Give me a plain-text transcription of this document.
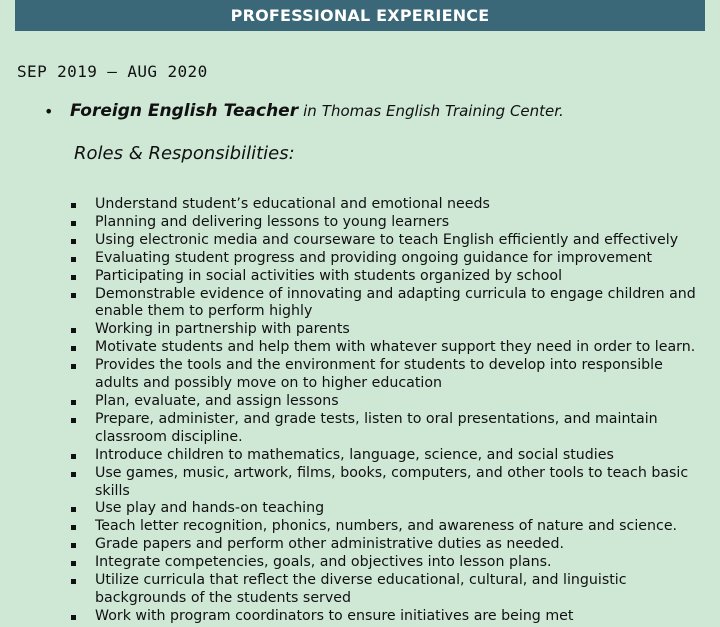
PROFESSIONAL EXPERIENCE
SEP 2019 – AUG 2020
• Foreign English Teacher in Thomas English Training Center.
Roles & Responsibilities:
Understand student’s educational and emotional needs
Planning and delivering lessons to young learners
Using electronic media and courseware to teach English efficiently and effectively
Evaluating student progress and providing ongoing guidance for improvement
Participating in social activities with students organized by school
Demonstrable evidence of innovating and adapting curricula to engage children and
enable them to perform highly
Working in partnership with parents
Motivate students and help them with whatever support they need in order to learn.
Provides the tools and the environment for students to develop into responsible
adults and possibly move on to higher education
Plan, evaluate, and assign lessons
Prepare, administer, and grade tests, listen to oral presentations, and maintain
classroom discipline.
Introduce children to mathematics, language, science, and social studies
Use games, music, artwork, films, books, computers, and other tools to teach basic
skills
Use play and hands-on teaching
Teach letter recognition, phonics, numbers, and awareness of nature and science.
Grade papers and perform other administrative duties as needed.
Integrate competencies, goals, and objectives into lesson plans.
Utilize curricula that reflect the diverse educational, cultural, and linguistic
backgrounds of the students served
Work with program coordinators to ensure initiatives are being met
